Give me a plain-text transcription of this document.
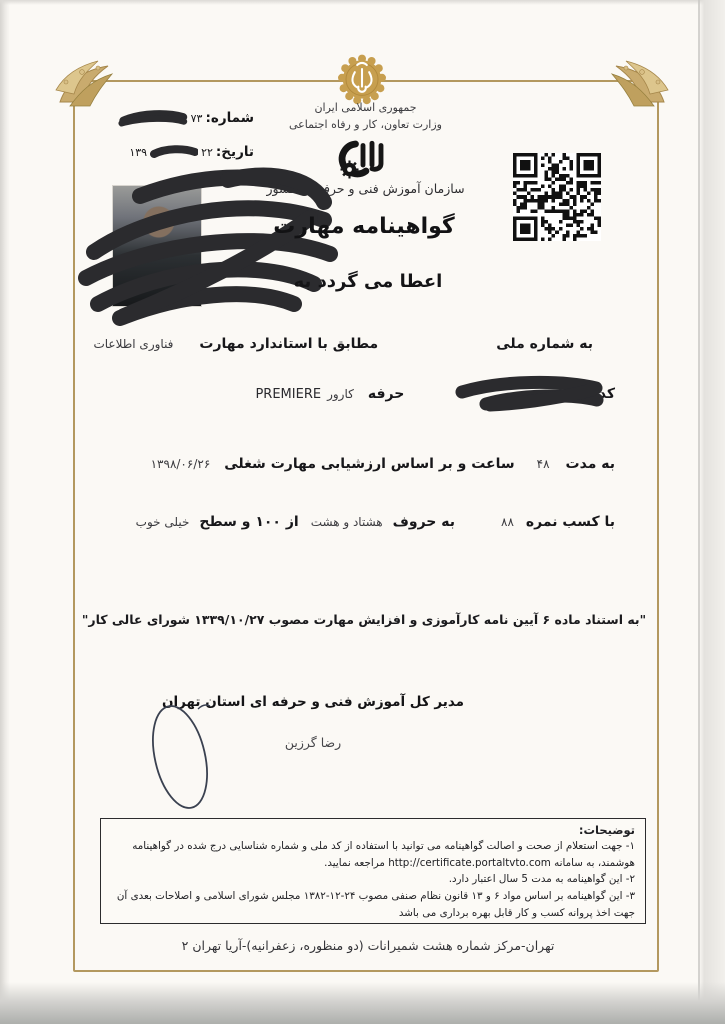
جمهوری اسلامی ایران
وزارت تعاون، کار و رفاه اجتماعی
سازمان آموزش فنی و حرفه ای کشور
شماره:
۷۳
تاریخ:
۲۲
۱۳۹
گواهینامه مهارت
اعطا می گردد به
به شماره ملی
مطابق با استاندارد مهارت
فناوری اطلاعات
کد
۱
حرفه
کارور
PREMIERE
به مدت
۴۸
ساعت و بر اساس ارزشیابی مهارت شغلی
۱۳۹۸/۰۶/۲۶
با کسب نمره
۸۸
به حروف
هشتاد و هشت
از ۱۰۰ و سطح
خیلی خوب
"به استناد ماده ۶ آیین نامه کارآموزی و افزایش مهارت مصوب ۱۳۳۹/۱۰/۲۷ شورای عالی کار"
مدیر کل آموزش فنی و حرفه ای استان تهران
رضا گرزین
توضیحات:
۱- جهت استعلام از صحت و اصالت گواهینامه می توانید با استفاده از کد ملی و شماره شناسایی درج شده در گواهینامه هوشمند، به سامانه http://certificate.portaltvto.com مراجعه نمایید.
۲- این گواهینامه به مدت 5 سال اعتبار دارد.
۳- این گواهینامه بر اساس مواد ۶ و ۱۳ قانون نظام صنفی مصوب ۲۴-۱۲-۱۳۸۲ مجلس شورای اسلامی و اصلاحات بعدی آن جهت اخذ پروانه کسب و کار قابل بهره برداری می باشد
تهران-مرکز شماره هشت شمیرانات (دو منظوره، زعفرانیه)-آریا تهران ۲
